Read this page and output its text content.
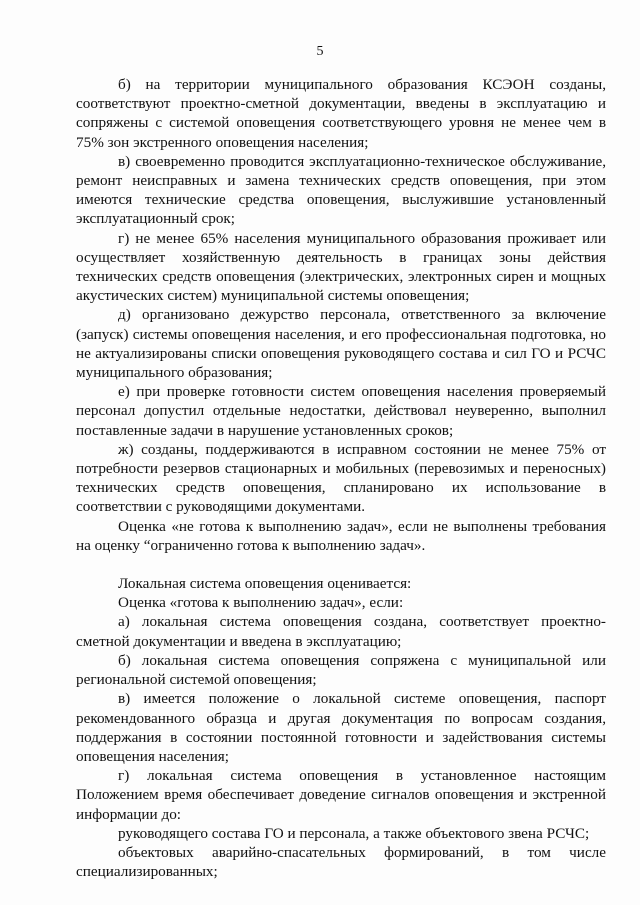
5

б) на территории муниципального образования КСЭОН созданы, соответствуют проектно-сметной документации, введены в эксплуатацию и сопряжены с системой оповещения соответствующего уровня не менее чем в 75% зон экстренного оповещения населения;

в) своевременно проводится эксплуатационно-техническое обслуживание, ремонт неисправных и замена технических средств оповещения, при этом имеются технические средства оповещения, выслужившие установленный эксплуатационный срок;

г) не менее 65% населения муниципального образования проживает или осуществляет хозяйственную деятельность в границах зоны действия технических средств оповещения (электрических, электронных сирен и мощных акустических систем) муниципальной системы оповещения;

д) организовано дежурство персонала, ответственного за включение (запуск) системы оповещения населения, и его профессиональная подготовка, но не актуализированы списки оповещения руководящего состава и сил ГО и РСЧС муниципального образования;

е) при проверке готовности систем оповещения населения проверяемый персонал допустил отдельные недостатки, действовал неуверенно, выполнил поставленные задачи в нарушение установленных сроков;

ж) созданы, поддерживаются в исправном состоянии не менее 75% от потребности резервов стационарных и мобильных (перевозимых и переносных) технических средств оповещения, спланировано их использование в соответствии с руководящими документами.

Оценка «не готова к выполнению задач», если не выполнены требования на оценку “ограниченно готова к выполнению задач».

Локальная система оповещения оценивается:

Оценка «готова к выполнению задач», если:

а) локальная система оповещения создана, соответствует проектно-сметной документации и введена в эксплуатацию;

б) локальная система оповещения сопряжена с муниципальной или региональной системой оповещения;

в) имеется положение о локальной системе оповещения, паспорт рекомендованного образца и другая документация по вопросам создания, поддержания в состоянии постоянной готовности и задействования системы оповещения населения;

г) локальная система оповещения в установленное настоящим Положением время обеспечивает доведение сигналов оповещения и экстренной информации до:

руководящего состава ГО и персонала, а также объектового звена РСЧС;

объектовых аварийно-спасательных формирований, в том числе специализированных;
